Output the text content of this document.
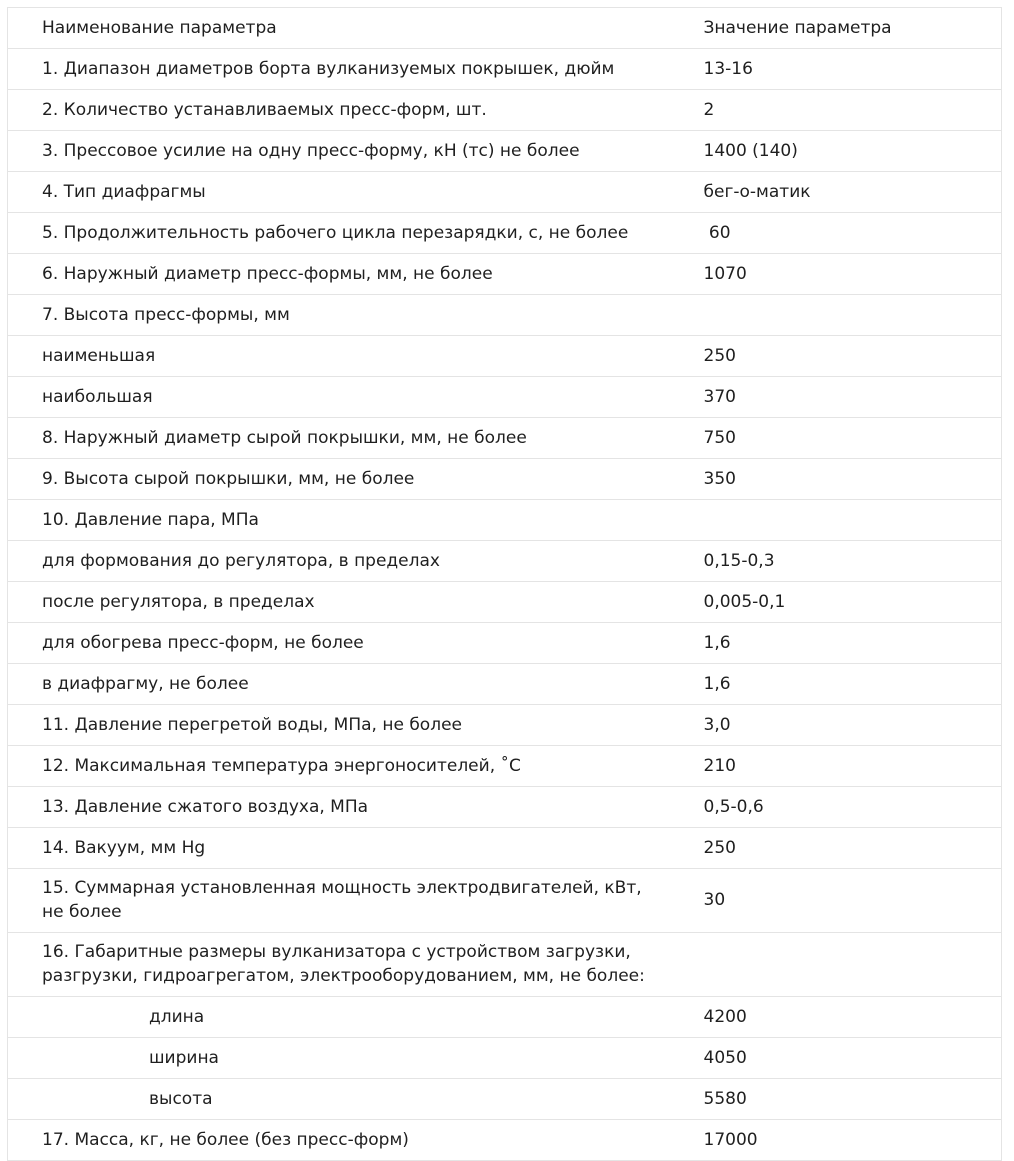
Наименование параметра	Значение параметра
1. Диапазон диаметров борта вулканизуемых покрышек, дюйм	13-16
2. Количество устанавливаемых пресс-форм, шт.	2
3. Прессовое усилие на одну пресс-форму, кН (тс) не более	1400 (140)
4. Тип диафрагмы	бег-о-матик
5. Продолжительность рабочего цикла перезарядки, с, не более	60
6. Наружный диаметр пресс-формы, мм, не более	1070
7. Высота пресс-формы, мм	
наименьшая	250
наибольшая	370
8. Наружный диаметр сырой покрышки, мм, не более	750
9. Высота сырой покрышки, мм, не более	350
10. Давление пара, МПа	
для формования до регулятора, в пределах	0,15-0,3
после регулятора, в пределах	0,005-0,1
для обогрева пресс-форм, не более	1,6
в диафрагму, не более	1,6
11. Давление перегретой воды, МПа, не более	3,0
12. Максимальная температура энергоносителей, ˚С	210
13. Давление сжатого воздуха, МПа	0,5-0,6
14. Вакуум, мм Hg	250
15. Суммарная установленная мощность электродвигателей, кВт, не более	30
16. Габаритные размеры вулканизатора с устройством загрузки, разгрузки, гидроагрегатом, электрооборудованием, мм, не более:	
длина	4200
ширина	4050
высота	5580
17. Масса, кг, не более (без пресс-форм)	17000
